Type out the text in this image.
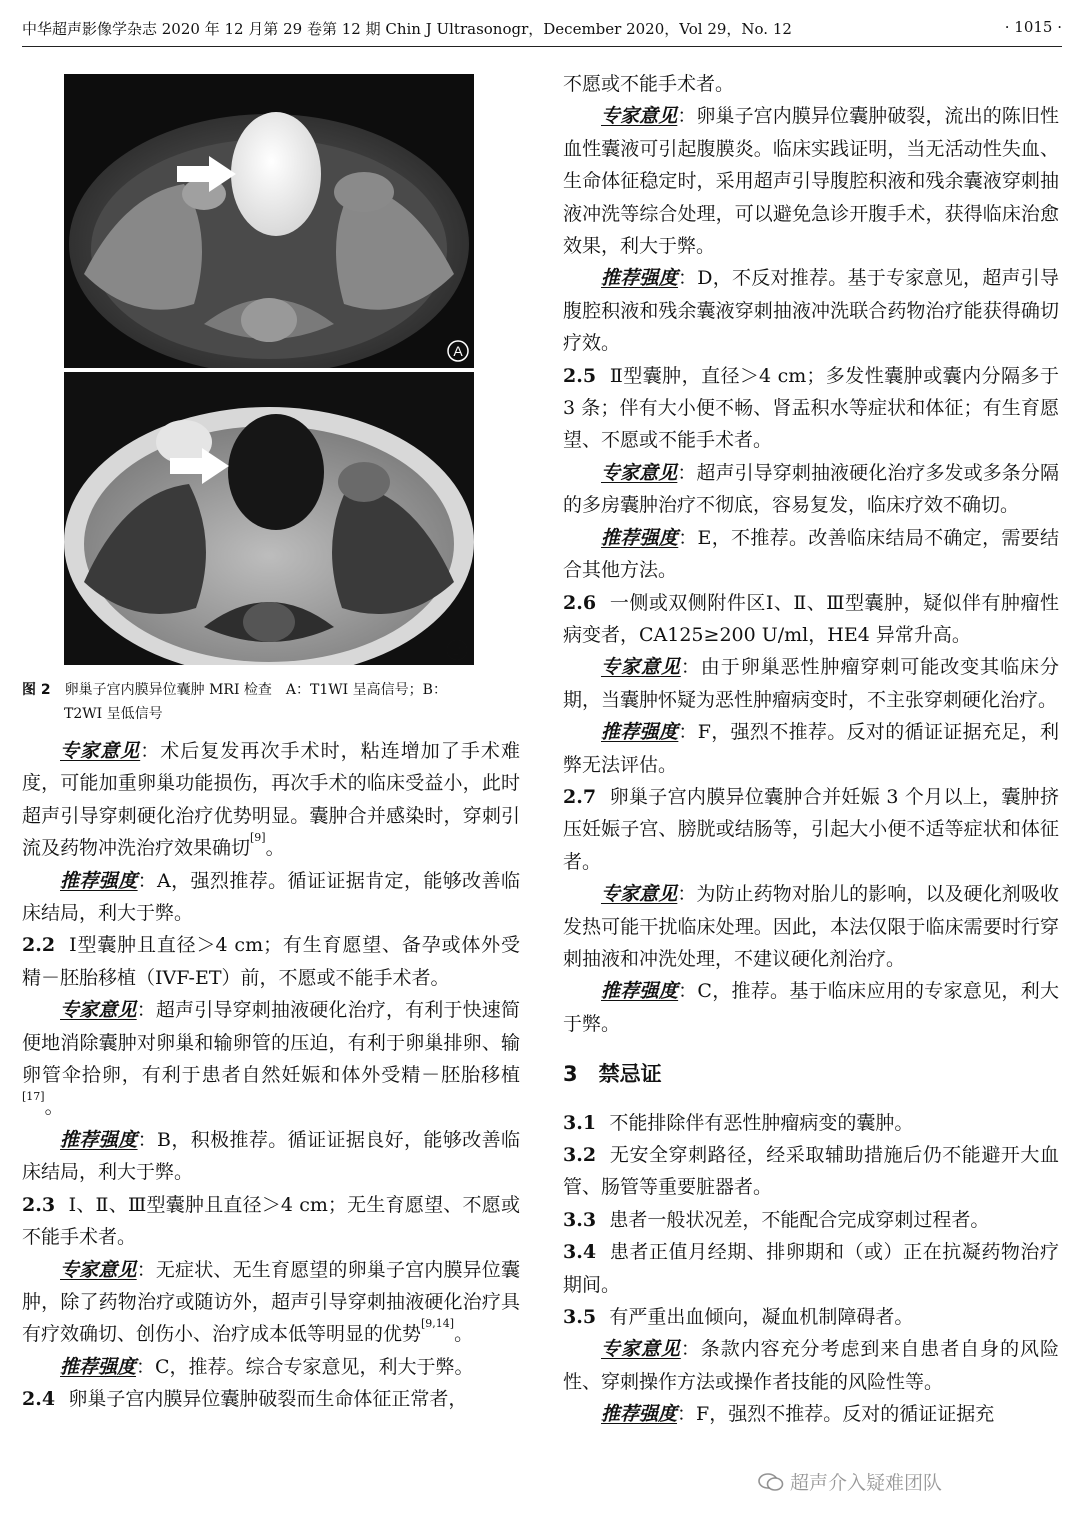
中华超声影像学杂志 2020 年 12 月第 29 卷第 12 期 Chin J Ultrasonogr，December 2020，Vol 29，No. 12	· 1015 ·
A
B
图 2 卵巢子宫内膜异位囊肿 MRI 检查　A：T1WI 呈高信号；B：
T2WI 呈低信号

专家意见：术后复发再次手术时，粘连增加了手术难度，可能加重卵巢功能损伤，再次手术的临床受益小，此时超声引导穿刺硬化治疗优势明显。囊肿合并感染时，穿刺引流及药物冲洗治疗效果确切[9]。

推荐强度：A，强烈推荐。循证证据肯定，能够改善临床结局，利大于弊。

2.2 Ⅰ型囊肿且直径＞4 cm；有生育愿望、备孕或体外受精－胚胎移植（IVF-ET）前，不愿或不能手术者。

专家意见：超声引导穿刺抽液硬化治疗，有利于快速简便地消除囊肿对卵巢和输卵管的压迫，有利于卵巢排卵、输卵管伞拾卵，有利于患者自然妊娠和体外受精－胚胎移植[17]。

推荐强度：B，积极推荐。循证证据良好，能够改善临床结局，利大于弊。

2.3 Ⅰ、Ⅱ、Ⅲ型囊肿且直径＞4 cm；无生育愿望、不愿或不能手术者。

专家意见：无症状、无生育愿望的卵巢子宫内膜异位囊肿，除了药物治疗或随访外，超声引导穿刺抽液硬化治疗具有疗效确切、创伤小、治疗成本低等明显的优势[9,14]。

推荐强度：C，推荐。综合专家意见，利大于弊。

2.4 卵巢子宫内膜异位囊肿破裂而生命体征正常者，

不愿或不能手术者。

专家意见：卵巢子宫内膜异位囊肿破裂，流出的陈旧性血性囊液可引起腹膜炎。临床实践证明，当无活动性失血、生命体征稳定时，采用超声引导腹腔积液和残余囊液穿刺抽液冲洗等综合处理，可以避免急诊开腹手术，获得临床治愈效果，利大于弊。

推荐强度：D，不反对推荐。基于专家意见，超声引导腹腔积液和残余囊液穿刺抽液冲洗联合药物治疗能获得确切疗效。

2.5 Ⅱ型囊肿，直径＞4 cm；多发性囊肿或囊内分隔多于 3 条；伴有大小便不畅、肾盂积水等症状和体征；有生育愿望、不愿或不能手术者。

专家意见：超声引导穿刺抽液硬化治疗多发或多条分隔的多房囊肿治疗不彻底，容易复发，临床疗效不确切。

推荐强度：E，不推荐。改善临床结局不确定，需要结合其他方法。

2.6 一侧或双侧附件区Ⅰ、Ⅱ、Ⅲ型囊肿，疑似伴有肿瘤性病变者，CA125≥200 U/ml，HE4 异常升高。

专家意见：由于卵巢恶性肿瘤穿刺可能改变其临床分期，当囊肿怀疑为恶性肿瘤病变时，不主张穿刺硬化治疗。

推荐强度：F，强烈不推荐。反对的循证证据充足，利弊无法评估。

2.7 卵巢子宫内膜异位囊肿合并妊娠 3 个月以上，囊肿挤压妊娠子宫、膀胱或结肠等，引起大小便不适等症状和体征者。

专家意见：为防止药物对胎儿的影响，以及硬化剂吸收发热可能干扰临床处理。因此，本法仅限于临床需要时行穿刺抽液和冲洗处理，不建议硬化剂治疗。

推荐强度：C，推荐。基于临床应用的专家意见，利大于弊。

3　禁忌证

3.1 不能排除伴有恶性肿瘤病变的囊肿。

3.2 无安全穿刺路径，经采取辅助措施后仍不能避开大血管、肠管等重要脏器者。

3.3 患者一般状况差，不能配合完成穿刺过程者。

3.4 患者正值月经期、排卵期和（或）正在抗凝药物治疗期间。

3.5 有严重出血倾向，凝血机制障碍者。

专家意见：条款内容充分考虑到来自患者自身的风险性、穿刺操作方法或操作者技能的风险性等。

推荐强度：F，强烈不推荐。反对的循证证据充

超声介入疑难团队
